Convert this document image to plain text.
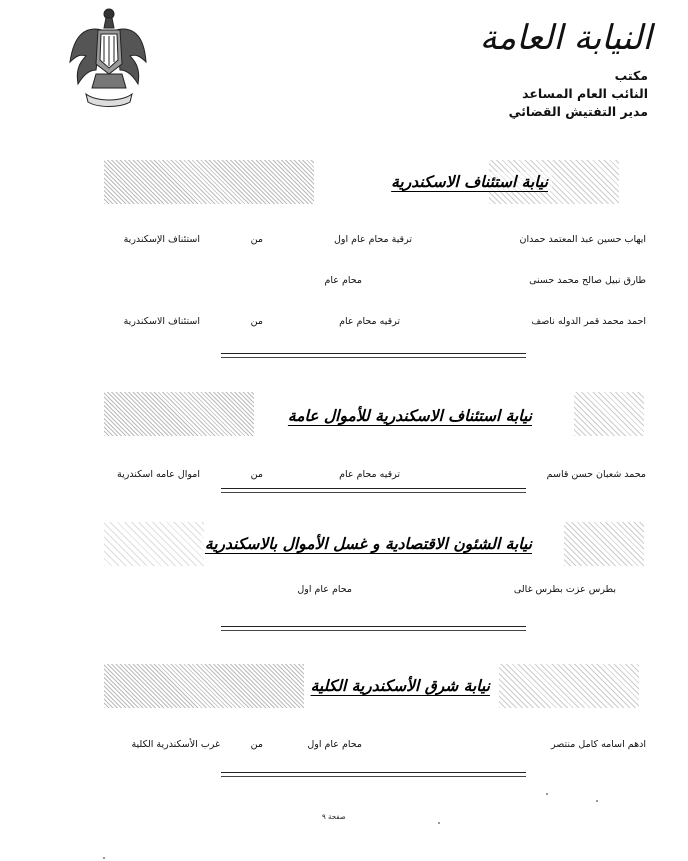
النيابة العامة
مكتب
النائب العام المساعد
مدير التفتيش القضائي
نيابة استئناف الاسكندرية
ايهاب حسين عبد المعتمد حمدان
ترقية محام عام اول
من
استئناف الإسكندرية
طارق نبيل صالح محمد حسنى
محام عام
احمد محمد قمر الدوله ناصف
ترقيه محام عام
من
استئناف الاسكندرية
نيابة استئناف الاسكندرية للأموال عامة
محمد شعبان حسن قاسم
ترقيه محام عام
من
اموال عامه اسكندرية
نيابة الشئون الاقتصادية و غسل الأموال بالاسكندرية
بطرس عزت بطرس غالى
محام عام اول
نيابة شرق الأسكندرية الكلية
ادهم اسامه كامل منتصر
محام عام اول
من
غرب الأسكندرية الكلية
صفحة ٩
